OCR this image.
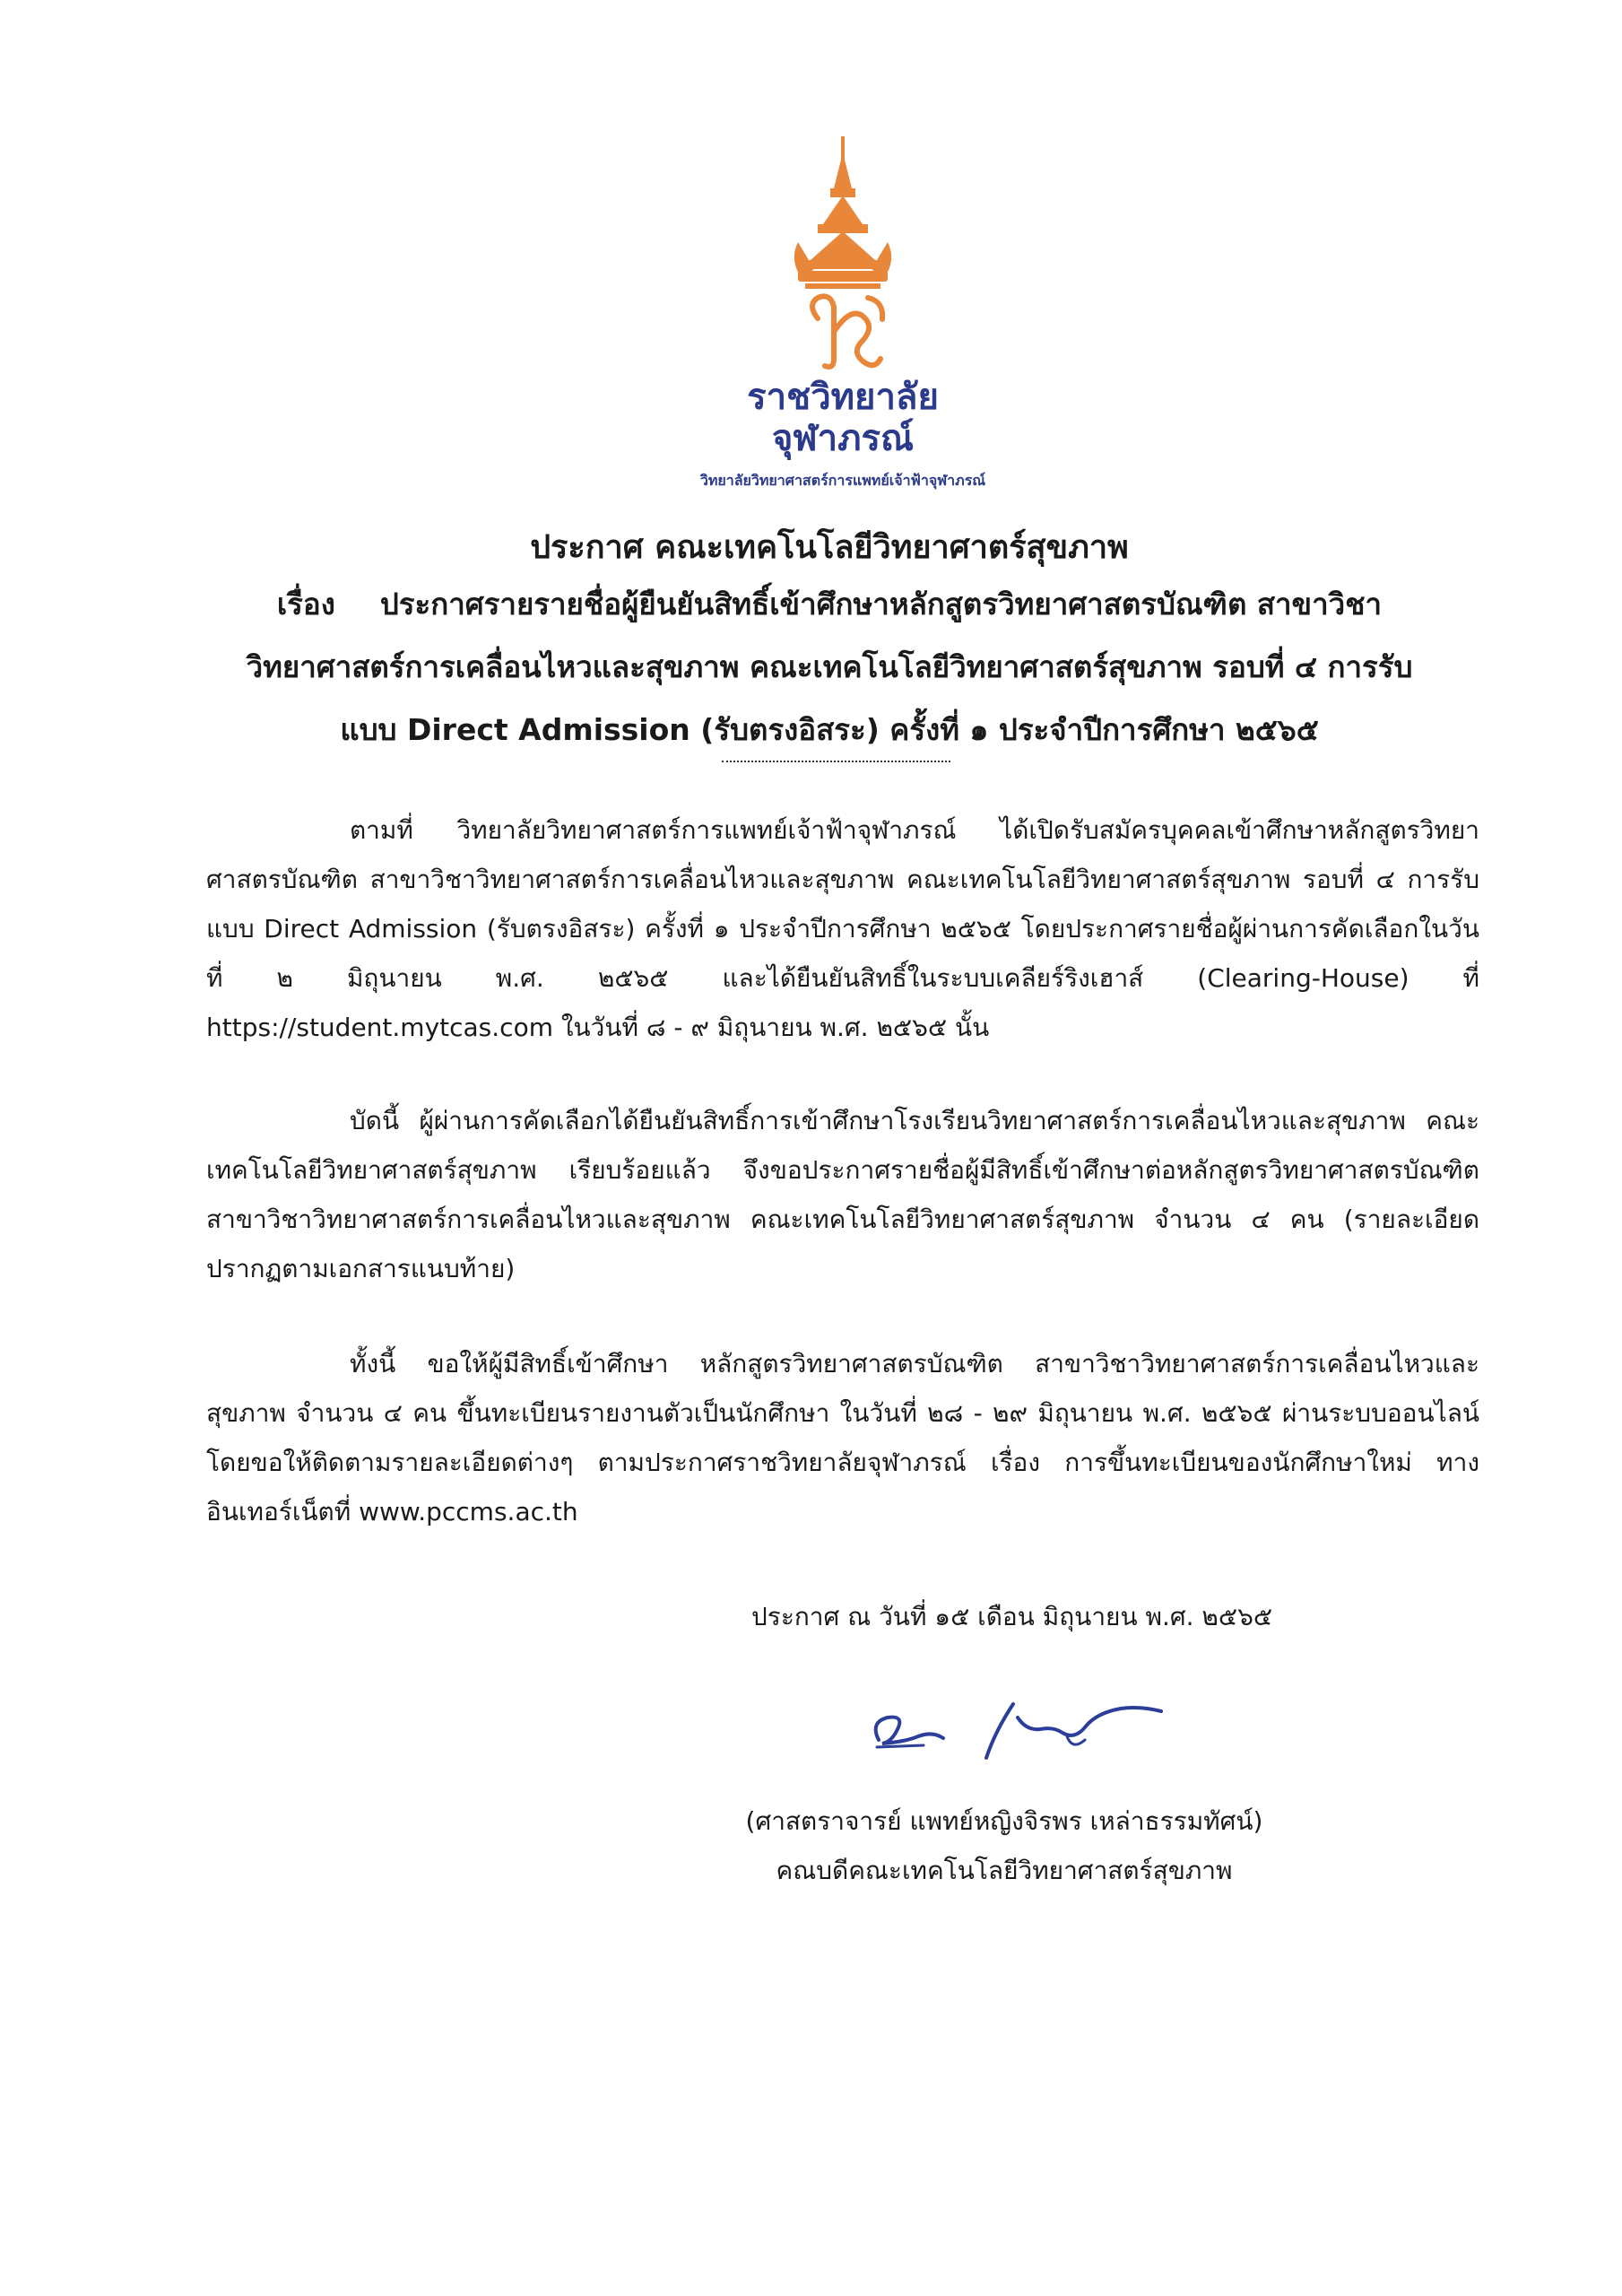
ราชวิทยาลัย
จุฬาภรณ์
วิทยาลัยวิทยาศาสตร์การแพทย์เจ้าฟ้าจุฬาภรณ์
ประกาศ คณะเทคโนโลยีวิทยาศาตร์สุขภาพ
เรื่อง ประกาศรายรายชื่อผู้ยืนยันสิทธิ์เข้าศึกษาหลักสูตรวิทยาศาสตรบัณฑิต สาขาวิชา
วิทยาศาสตร์การเคลื่อนไหวและสุขภาพ คณะเทคโนโลยีวิทยาศาสตร์สุขภาพ รอบที่ ๔ การรับ
แบบ Direct Admission (รับตรงอิสระ) ครั้งที่ ๑ ประจำปีการศึกษา ๒๕๖๕
ตามที่ วิทยาลัยวิทยาศาสตร์การแพทย์เจ้าฟ้าจุฬาภรณ์ ได้เปิดรับสมัครบุคคลเข้าศึกษาหลักสูตรวิทยาศาสตรบัณฑิต สาขาวิชาวิทยาศาสตร์การเคลื่อนไหวและสุขภาพ คณะเทคโนโลยีวิทยาศาสตร์สุขภาพ รอบที่ ๔ การรับแบบ Direct Admission (รับตรงอิสระ) ครั้งที่ ๑ ประจำปีการศึกษา ๒๕๖๕ โดยประกาศรายชื่อผู้ผ่านการคัดเลือกในวันที่ ๒ มิถุนายน พ.ศ. ๒๕๖๕ และได้ยืนยันสิทธิ์ในระบบเคลียร์ริงเฮาส์ (Clearing-House) ที่ https://student.mytcas.com ในวันที่ ๘ - ๙ มิถุนายน พ.ศ. ๒๕๖๕ นั้น
บัดนี้ ผู้ผ่านการคัดเลือกได้ยืนยันสิทธิ์การเข้าศึกษาโรงเรียนวิทยาศาสตร์การเคลื่อนไหวและสุขภาพ คณะเทคโนโลยีวิทยาศาสตร์สุขภาพ เรียบร้อยแล้ว จึงขอประกาศรายชื่อผู้มีสิทธิ์เข้าศึกษาต่อหลักสูตรวิทยาศาสตรบัณฑิต สาขาวิชาวิทยาศาสตร์การเคลื่อนไหวและสุขภาพ คณะเทคโนโลยีวิทยาศาสตร์สุขภาพ จำนวน ๔ คน (รายละเอียดปรากฏตามเอกสารแนบท้าย)
ทั้งนี้ ขอให้ผู้มีสิทธิ์เข้าศึกษา หลักสูตรวิทยาศาสตรบัณฑิต สาขาวิชาวิทยาศาสตร์การเคลื่อนไหวและสุขภาพ จำนวน ๔ คน ขึ้นทะเบียนรายงานตัวเป็นนักศึกษา ในวันที่ ๒๘ - ๒๙ มิถุนายน พ.ศ. ๒๕๖๕ ผ่านระบบออนไลน์ โดยขอให้ติดตามรายละเอียดต่างๆ ตามประกาศราชวิทยาลัยจุฬาภรณ์ เรื่อง การขึ้นทะเบียนของนักศึกษาใหม่ ทางอินเทอร์เน็ตที่ www.pccms.ac.th
ประกาศ ณ วันที่ ๑๕ เดือน มิถุนายน พ.ศ. ๒๕๖๕
(ศาสตราจารย์ แพทย์หญิงจิรพร เหล่าธรรมทัศน์)
คณบดีคณะเทคโนโลยีวิทยาศาสตร์สุขภาพ
